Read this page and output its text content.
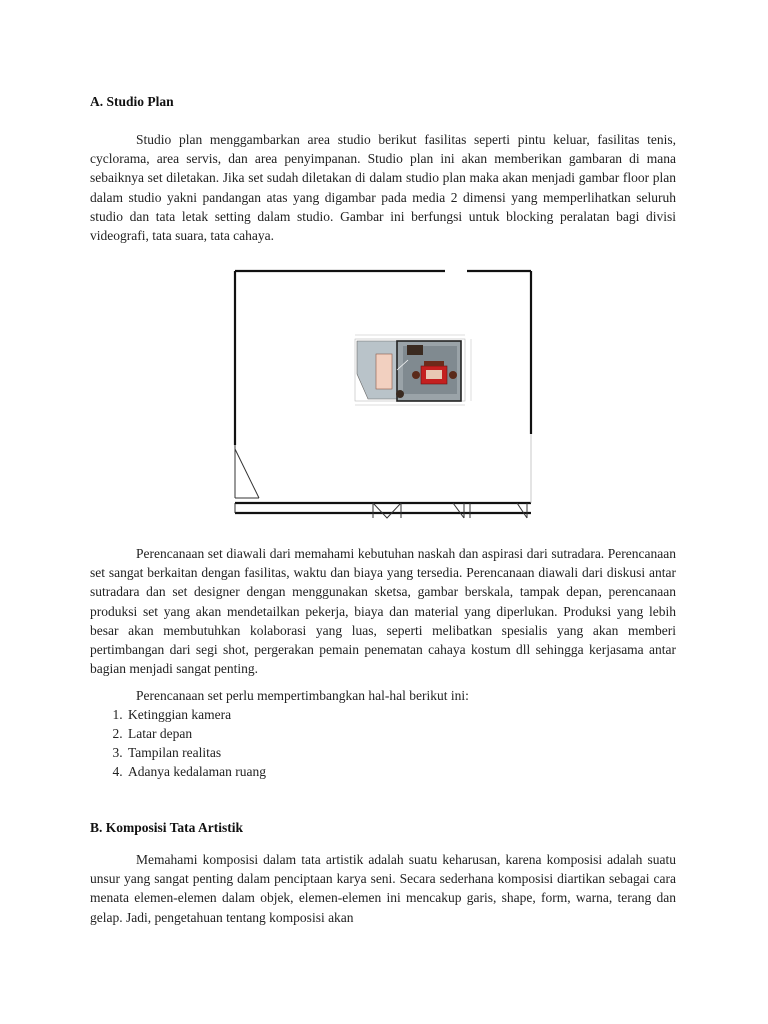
A. Studio Plan

Studio plan menggambarkan area studio berikut fasilitas seperti pintu keluar, fasilitas tenis, cyclorama, area servis, dan area penyimpanan. Studio plan ini akan memberikan gambaran di mana sebaiknya set diletakan. Jika set sudah diletakan di dalam studio plan maka akan menjadi gambar floor plan dalam studio yakni pandangan atas yang digambar pada media 2 dimensi yang memperlihatkan seluruh studio dan tata letak setting dalam studio. Gambar ini berfungsi untuk blocking peralatan bagi divisi videografi, tata suara, tata cahaya.

Perencanaan set diawali dari memahami kebutuhan naskah dan aspirasi dari sutradara. Perencanaan set sangat berkaitan dengan fasilitas, waktu dan biaya yang tersedia. Perencanaan diawali dari diskusi antar sutradara dan set designer dengan menggunakan sketsa, gambar berskala, tampak depan, perencanaan produksi set yang akan mendetailkan pekerja, biaya dan material yang diperlukan. Produksi yang lebih besar akan membutuhkan kolaborasi yang luas, seperti melibatkan spesialis yang akan memberi pertimbangan dari segi shot, pergerakan pemain penematan cahaya kostum dll sehingga kerjasama antar bagian menjadi sangat penting.

Perencanaan set perlu mempertimbangkan hal-hal berikut ini:
1. Ketinggian kamera
2. Latar depan
3. Tampilan realitas
4. Adanya kedalaman ruang
B. Komposisi Tata Artistik

Memahami komposisi dalam tata artistik adalah suatu keharusan, karena komposisi adalah suatu unsur yang sangat penting dalam penciptaan karya seni. Secara sederhana komposisi diartikan sebagai cara menata elemen-elemen dalam objek, elemen-elemen ini mencakup garis, shape, form, warna, terang dan gelap. Jadi, pengetahuan tentang komposisi akan
